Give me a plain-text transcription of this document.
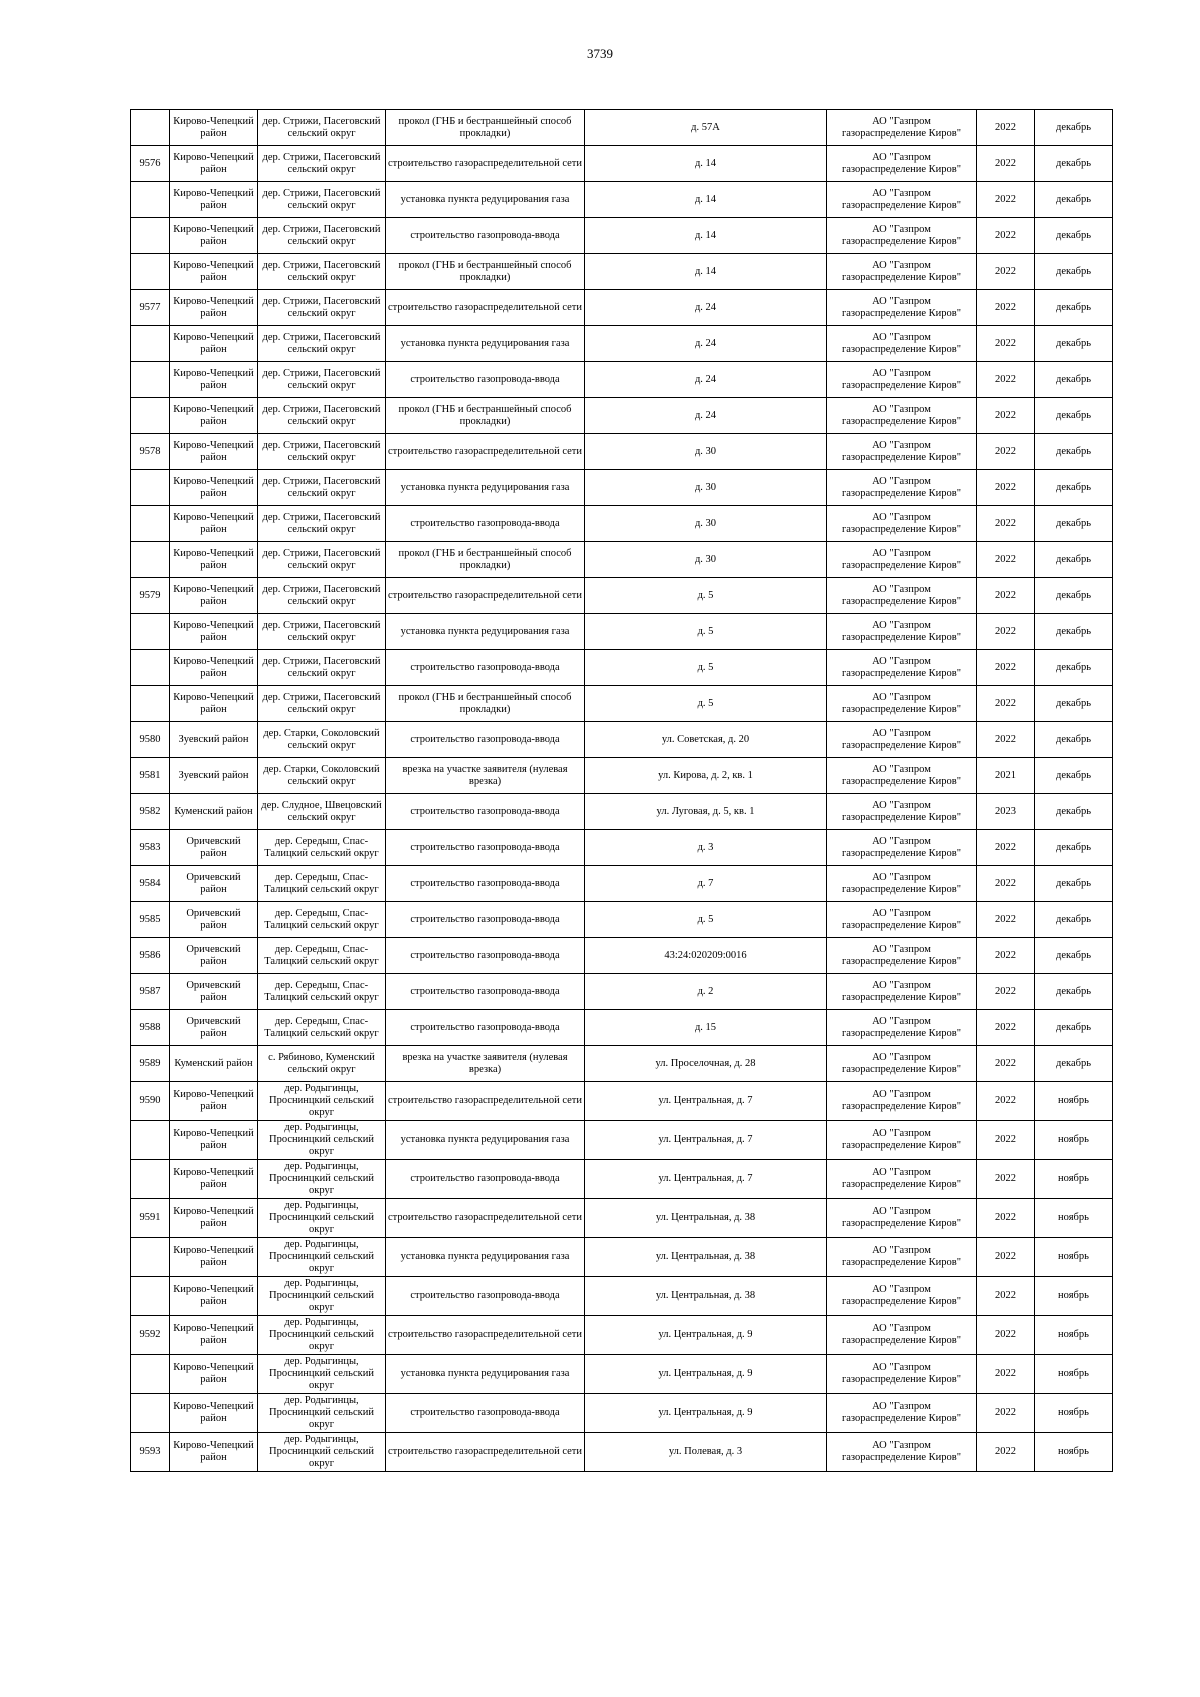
3739
	Кирово-Чепецкий район	дер. Стрижи, Пасеговский сельский округ	прокол (ГНБ и бестраншейный способ прокладки)	д. 57А	АО "Газпром газораспределение Киров"	2022	декабрь
9576	Кирово-Чепецкий район	дер. Стрижи, Пасеговский сельский округ	строительство газораспределительной сети	д. 14	АО "Газпром газораспределение Киров"	2022	декабрь
	Кирово-Чепецкий район	дер. Стрижи, Пасеговский сельский округ	установка пункта редуцирования газа	д. 14	АО "Газпром газораспределение Киров"	2022	декабрь
	Кирово-Чепецкий район	дер. Стрижи, Пасеговский сельский округ	строительство газопровода-ввода	д. 14	АО "Газпром газораспределение Киров"	2022	декабрь
	Кирово-Чепецкий район	дер. Стрижи, Пасеговский сельский округ	прокол (ГНБ и бестраншейный способ прокладки)	д. 14	АО "Газпром газораспределение Киров"	2022	декабрь
9577	Кирово-Чепецкий район	дер. Стрижи, Пасеговский сельский округ	строительство газораспределительной сети	д. 24	АО "Газпром газораспределение Киров"	2022	декабрь
	Кирово-Чепецкий район	дер. Стрижи, Пасеговский сельский округ	установка пункта редуцирования газа	д. 24	АО "Газпром газораспределение Киров"	2022	декабрь
	Кирово-Чепецкий район	дер. Стрижи, Пасеговский сельский округ	строительство газопровода-ввода	д. 24	АО "Газпром газораспределение Киров"	2022	декабрь
	Кирово-Чепецкий район	дер. Стрижи, Пасеговский сельский округ	прокол (ГНБ и бестраншейный способ прокладки)	д. 24	АО "Газпром газораспределение Киров"	2022	декабрь
9578	Кирово-Чепецкий район	дер. Стрижи, Пасеговский сельский округ	строительство газораспределительной сети	д. 30	АО "Газпром газораспределение Киров"	2022	декабрь
	Кирово-Чепецкий район	дер. Стрижи, Пасеговский сельский округ	установка пункта редуцирования газа	д. 30	АО "Газпром газораспределение Киров"	2022	декабрь
	Кирово-Чепецкий район	дер. Стрижи, Пасеговский сельский округ	строительство газопровода-ввода	д. 30	АО "Газпром газораспределение Киров"	2022	декабрь
	Кирово-Чепецкий район	дер. Стрижи, Пасеговский сельский округ	прокол (ГНБ и бестраншейный способ прокладки)	д. 30	АО "Газпром газораспределение Киров"	2022	декабрь
9579	Кирово-Чепецкий район	дер. Стрижи, Пасеговский сельский округ	строительство газораспределительной сети	д. 5	АО "Газпром газораспределение Киров"	2022	декабрь
	Кирово-Чепецкий район	дер. Стрижи, Пасеговский сельский округ	установка пункта редуцирования газа	д. 5	АО "Газпром газораспределение Киров"	2022	декабрь
	Кирово-Чепецкий район	дер. Стрижи, Пасеговский сельский округ	строительство газопровода-ввода	д. 5	АО "Газпром газораспределение Киров"	2022	декабрь
	Кирово-Чепецкий район	дер. Стрижи, Пасеговский сельский округ	прокол (ГНБ и бестраншейный способ прокладки)	д. 5	АО "Газпром газораспределение Киров"	2022	декабрь
9580	Зуевский район	дер. Старки, Соколовский сельский округ	строительство газопровода-ввода	ул. Советская, д. 20	АО "Газпром газораспределение Киров"	2022	декабрь
9581	Зуевский район	дер. Старки, Соколовский сельский округ	врезка на участке заявителя (нулевая врезка)	ул. Кирова, д. 2, кв. 1	АО "Газпром газораспределение Киров"	2021	декабрь
9582	Куменский район	дер. Слудное, Швецовский сельский округ	строительство газопровода-ввода	ул. Луговая, д. 5, кв. 1	АО "Газпром газораспределение Киров"	2023	декабрь
9583	Оричевский район	дер. Середыш, Спас-Талицкий сельский округ	строительство газопровода-ввода	д. 3	АО "Газпром газораспределение Киров"	2022	декабрь
9584	Оричевский район	дер. Середыш, Спас-Талицкий сельский округ	строительство газопровода-ввода	д. 7	АО "Газпром газораспределение Киров"	2022	декабрь
9585	Оричевский район	дер. Середыш, Спас-Талицкий сельский округ	строительство газопровода-ввода	д. 5	АО "Газпром газораспределение Киров"	2022	декабрь
9586	Оричевский район	дер. Середыш, Спас-Талицкий сельский округ	строительство газопровода-ввода	43:24:020209:0016	АО "Газпром газораспределение Киров"	2022	декабрь
9587	Оричевский район	дер. Середыш, Спас-Талицкий сельский округ	строительство газопровода-ввода	д. 2	АО "Газпром газораспределение Киров"	2022	декабрь
9588	Оричевский район	дер. Середыш, Спас-Талицкий сельский округ	строительство газопровода-ввода	д. 15	АО "Газпром газораспределение Киров"	2022	декабрь
9589	Куменский район	с. Рябиново, Куменский сельский округ	врезка на участке заявителя (нулевая врезка)	ул. Проселочная, д. 28	АО "Газпром газораспределение Киров"	2022	декабрь
9590	Кирово-Чепецкий район	дер. Родыгинцы, Проснинцкий сельский округ	строительство газораспределительной сети	ул. Центральная, д. 7	АО "Газпром газораспределение Киров"	2022	ноябрь
	Кирово-Чепецкий район	дер. Родыгинцы, Проснинцкий сельский округ	установка пункта редуцирования газа	ул. Центральная, д. 7	АО "Газпром газораспределение Киров"	2022	ноябрь
	Кирово-Чепецкий район	дер. Родыгинцы, Проснинцкий сельский округ	строительство газопровода-ввода	ул. Центральная, д. 7	АО "Газпром газораспределение Киров"	2022	ноябрь
9591	Кирово-Чепецкий район	дер. Родыгинцы, Проснинцкий сельский округ	строительство газораспределительной сети	ул. Центральная, д. 38	АО "Газпром газораспределение Киров"	2022	ноябрь
	Кирово-Чепецкий район	дер. Родыгинцы, Проснинцкий сельский округ	установка пункта редуцирования газа	ул. Центральная, д. 38	АО "Газпром газораспределение Киров"	2022	ноябрь
	Кирово-Чепецкий район	дер. Родыгинцы, Проснинцкий сельский округ	строительство газопровода-ввода	ул. Центральная, д. 38	АО "Газпром газораспределение Киров"	2022	ноябрь
9592	Кирово-Чепецкий район	дер. Родыгинцы, Проснинцкий сельский округ	строительство газораспределительной сети	ул. Центральная, д. 9	АО "Газпром газораспределение Киров"	2022	ноябрь
	Кирово-Чепецкий район	дер. Родыгинцы, Проснинцкий сельский округ	установка пункта редуцирования газа	ул. Центральная, д. 9	АО "Газпром газораспределение Киров"	2022	ноябрь
	Кирово-Чепецкий район	дер. Родыгинцы, Проснинцкий сельский округ	строительство газопровода-ввода	ул. Центральная, д. 9	АО "Газпром газораспределение Киров"	2022	ноябрь
9593	Кирово-Чепецкий район	дер. Родыгинцы, Проснинцкий сельский округ	строительство газораспределительной сети	ул. Полевая, д. 3	АО "Газпром газораспределение Киров"	2022	ноябрь
